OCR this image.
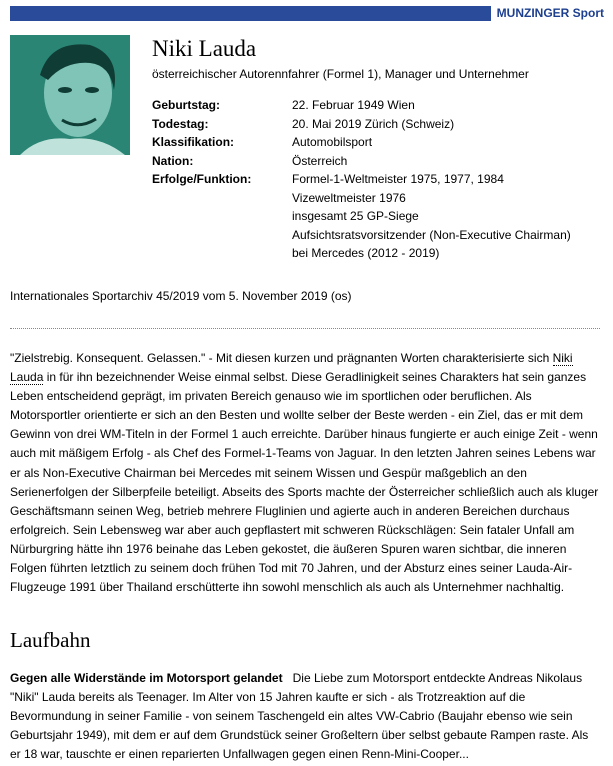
MUNZINGER Sport
Niki Lauda
österreichischer Autorennfahrer (Formel 1), Manager und Unternehmer
Geburtstag:	22. Februar 1949 Wien
Todestag:	20. Mai 2019 Zürich (Schweiz)
Klassifikation:	Automobilsport
Nation:	Österreich
Erfolge/Funktion:	Formel-1-Weltmeister 1975, 1977, 1984
Vizeweltmeister 1976
insgesamt 25 GP-Siege
Aufsichtsratsvorsitzender (Non-Executive Chairman)
bei Mercedes (2012 - 2019)
Internationales Sportarchiv 45/2019 vom 5. November 2019 (os)
"Zielstrebig. Konsequent. Gelassen." - Mit diesen kurzen und prägnanten Worten charakterisierte sich Niki Lauda in für ihn bezeichnender Weise einmal selbst. Diese Geradlinigkeit seines Charakters hat sein ganzes Leben entscheidend geprägt, im privaten Bereich genauso wie im sportlichen oder beruflichen. Als Motorsportler orientierte er sich an den Besten und wollte selber der Beste werden - ein Ziel, das er mit dem Gewinn von drei WM-Titeln in der Formel 1 auch erreichte. Darüber hinaus fungierte er auch einige Zeit - wenn auch mit mäßigem Erfolg - als Chef des Formel-1-Teams von Jaguar. In den letzten Jahren seines Lebens war er als Non-Executive Chairman bei Mercedes mit seinem Wissen und Gespür maßgeblich an den Serienerfolgen der Silberpfeile beteiligt. Abseits des Sports machte der Österreicher schließlich auch als kluger Geschäftsmann seinen Weg, betrieb mehrere Fluglinien und agierte auch in anderen Bereichen durchaus erfolgreich. Sein Lebensweg war aber auch gepflastert mit schweren Rückschlägen: Sein fataler Unfall am Nürburgring hätte ihn 1976 beinahe das Leben gekostet, die äußeren Spuren waren sichtbar, die inneren Folgen führten letztlich zu seinem doch frühen Tod mit 70 Jahren, und der Absturz eines seiner Lauda-Air-Flugzeuge 1991 über Thailand erschütterte ihn sowohl menschlich als auch als Unternehmer nachhaltig.
Laufbahn
Gegen alle Widerstände im Motorsport gelandet Die Liebe zum Motorsport entdeckte Andreas Nikolaus "Niki" Lauda bereits als Teenager. Im Alter von 15 Jahren kaufte er sich - als Trotzreaktion auf die Bevormundung in seiner Familie - von seinem Taschengeld ein altes VW-Cabrio (Baujahr ebenso wie sein Geburtsjahr 1949), mit dem er auf dem Grundstück seiner Großeltern über selbst gebaute Rampen raste. Als er 18 war, tauschte er einen reparierten Unfallwagen gegen einen Renn-Mini-Cooper...
